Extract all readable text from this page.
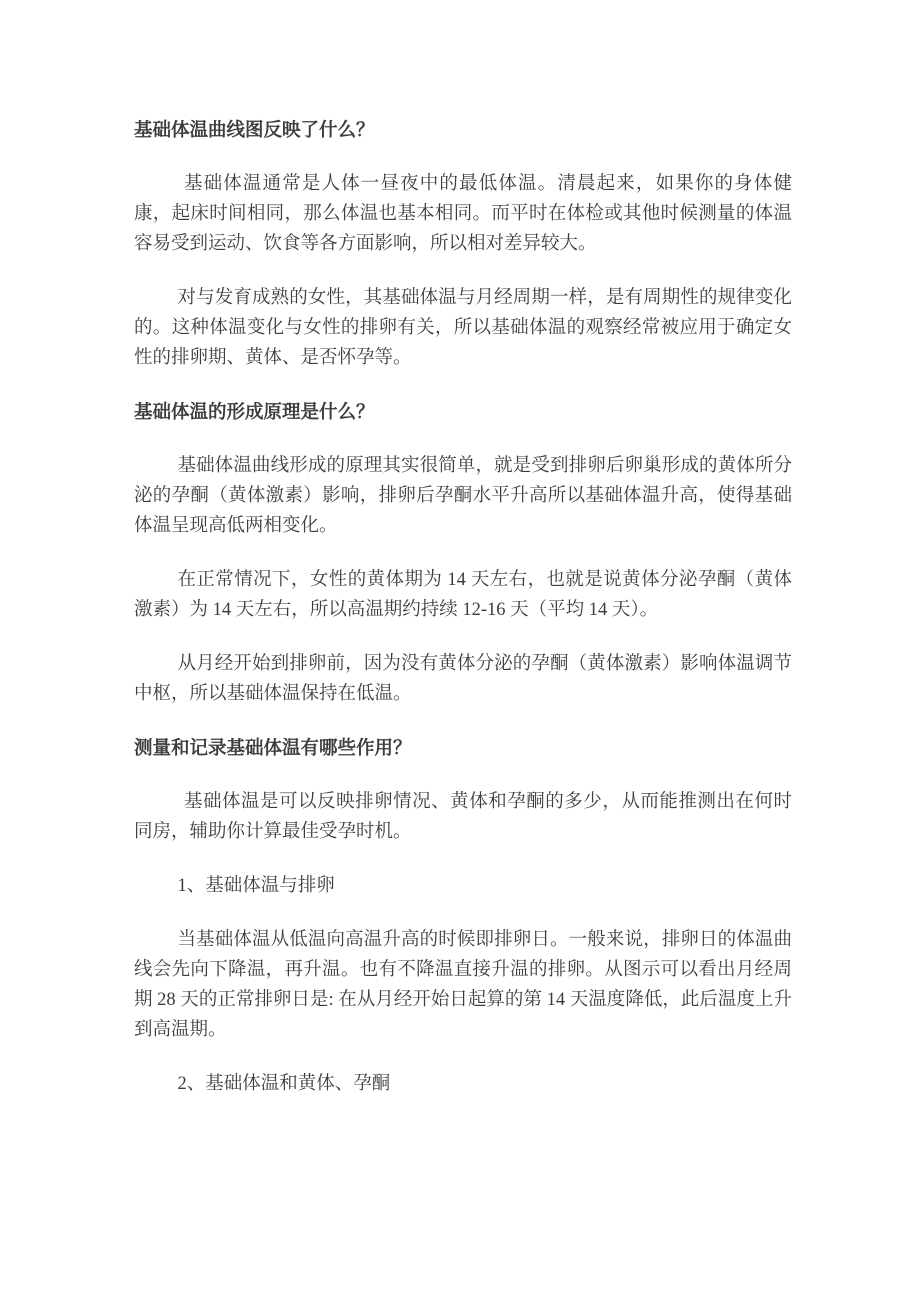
基础体温曲线图反映了什么？

基础体温通常是人体一昼夜中的最低体温。清晨起来，如果你的身体健康，起床时间相同，那么体温也基本相同。而平时在体检或其他时候测量的体温容易受到运动、饮食等各方面影响，所以相对差异较大。

对与发育成熟的女性，其基础体温与月经周期一样，是有周期性的规律变化的。这种体温变化与女性的排卵有关，所以基础体温的观察经常被应用于确定女性的排卵期、黄体、是否怀孕等。

基础体温的形成原理是什么？

基础体温曲线形成的原理其实很简单，就是受到排卵后卵巢形成的黄体所分泌的孕酮（黄体激素）影响，排卵后孕酮水平升高所以基础体温升高，使得基础体温呈现高低两相变化。

在正常情况下，女性的黄体期为 14 天左右，也就是说黄体分泌孕酮（黄体激素）为 14 天左右，所以高温期约持续 12-16 天（平均 14 天）。

从月经开始到排卵前，因为没有黄体分泌的孕酮（黄体激素）影响体温调节中枢，所以基础体温保持在低温。

测量和记录基础体温有哪些作用？

基础体温是可以反映排卵情况、黄体和孕酮的多少，从而能推测出在何时同房，辅助你计算最佳受孕时机。

1、基础体温与排卵

当基础体温从低温向高温升高的时候即排卵日。一般来说，排卵日的体温曲线会先向下降温，再升温。也有不降温直接升温的排卵。从图示可以看出月经周期 28 天的正常排卵日是: 在从月经开始日起算的第 14 天温度降低，此后温度上升到高温期。

2、基础体温和黄体、孕酮
